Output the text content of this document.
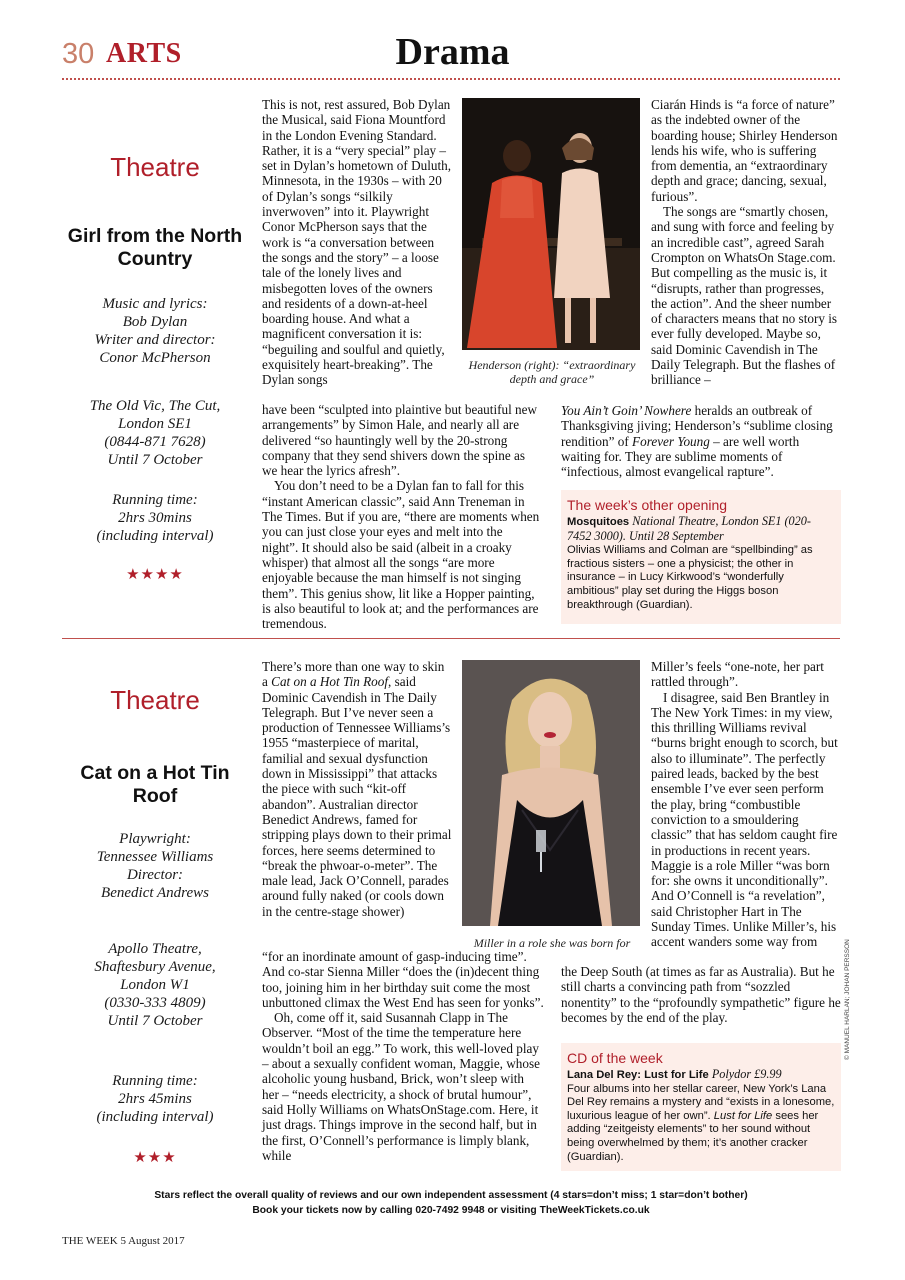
30 ARTS	Drama
Theatre
Girl from the North Country
Music and lyrics:
Bob Dylan
Writer and director:
Conor McPherson
The Old Vic, The Cut,
London SE1
(0844-871 7628)
Until 7 October
Running time:
2hrs 30mins
(including interval)
★★★★

This is not, rest assured, Bob Dylan the Musical, said Fiona Mountford in the London Evening Standard. Rather, it is a “very special” play – set in Dylan’s hometown of Duluth, Minnesota, in the 1930s – with 20 of Dylan’s songs “silkily inverwoven” into it. Playwright Conor McPherson says that the work is “a conversation between the songs and the story” – a loose tale of the lonely lives and misbegotten loves of the owners and residents of a down-at-heel boarding house. And what a magnificent conversation it is: “beguiling and soulful and quietly, exquisitely heart-breaking”. The Dylan songs

Henderson (right): “extraordinary depth and grace”

have been “sculpted into plaintive but beautiful new arrangements” by Simon Hale, and nearly all are delivered “so hauntingly well by the 20-strong company that they send shivers down the spine as we hear the lyrics afresh”.

You don’t need to be a Dylan fan to fall for this “instant American classic”, said Ann Treneman in The Times. But if you are, “there are moments when you can just close your eyes and melt into the night”. It should also be said (albeit in a croaky whisper) that almost all the songs “are more enjoyable because the man himself is not singing them”. This genius show, lit like a Hopper painting, is also beautiful to look at; and the performances are tremendous.

Ciarán Hinds is “a force of nature” as the indebted owner of the boarding house; Shirley Henderson lends his wife, who is suffering from dementia, an “extraordinary depth and grace; dancing, sexual, furious”.

The songs are “smartly chosen, and sung with force and feeling by an incredible cast”, agreed Sarah Crompton on WhatsOn Stage.com. But compelling as the music is, it “disrupts, rather than progresses, the action”. And the sheer number of characters means that no story is ever fully developed. Maybe so, said Dominic Cavendish in The Daily Telegraph. But the flashes of brilliance –

You Ain’t Goin’ Nowhere heralds an outbreak of Thanksgiving jiving; Henderson’s “sublime closing rendition” of Forever Young – are well worth waiting for. They are sublime moments of “infectious, almost evangelical rapture”.

The week’s other opening
Mosquitoes National Theatre, London SE1 (020-7452 3000). Until 28 September
Olivias Williams and Colman are “spellbinding” as fractious sisters – one a physicist; the other in insurance – in Lucy Kirkwood’s “wonderfully ambitious” play set during the Higgs boson breakthrough (Guardian).
Theatre
Cat on a Hot Tin Roof
Playwright:
Tennessee Williams
Director:
Benedict Andrews
Apollo Theatre,
Shaftesbury Avenue,
London W1
(0330-333 4809)
Until 7 October
Running time:
2hrs 45mins
(including interval)
★★★

There’s more than one way to skin a Cat on a Hot Tin Roof, said Dominic Cavendish in The Daily Telegraph. But I’ve never seen a production of Tennessee Williams’s 1955 “masterpiece of marital, familial and sexual dysfunction down in Mississippi” that attacks the piece with such “kit-off abandon”. Australian director Benedict Andrews, famed for stripping plays down to their primal forces, here seems determined to “break the phwoar-o-meter”. The male lead, Jack O’Connell, parades around fully naked (or cools down in the centre-stage shower)

Miller in a role she was born for

“for an inordinate amount of gasp-inducing time”. And co-star Sienna Miller “does the (in)decent thing too, joining him in her birthday suit come the most unbuttoned climax the West End has seen for yonks”.

Oh, come off it, said Susannah Clapp in The Observer. “Most of the time the temperature here wouldn’t boil an egg.” To work, this well-loved play – about a sexually confident woman, Maggie, whose alcoholic young husband, Brick, won’t sleep with her – “needs electricity, a shock of brutal humour”, said Holly Williams on WhatsOnStage.com. Here, it just drags. Things improve in the second half, but in the first, O’Connell’s performance is limply blank, while

Miller’s feels “one-note, her part rattled through”.

I disagree, said Ben Brantley in The New York Times: in my view, this thrilling Williams revival “burns bright enough to scorch, but also to illuminate”. The perfectly paired leads, backed by the best ensemble I’ve ever seen perform the play, bring “combustible conviction to a smouldering classic” that has seldom caught fire in productions in recent years. Maggie is a role Miller “was born for: she owns it unconditionally”. And O’Connell is “a revelation”, said Christopher Hart in The Sunday Times. Unlike Miller’s, his accent wanders some way from

the Deep South (at times as far as Australia). But he still charts a convincing path from “sozzled nonentity” to the “profoundly sympathetic” figure he becomes by the end of the play.

CD of the week
Lana Del Rey: Lust for Life Polydor £9.99
Four albums into her stellar career, New York’s Lana Del Rey remains a mystery and “exists in a lonesome, luxurious league of her own”. Lust for Life sees her adding “zeitgeisty elements” to her sound without being overwhelmed by them; it’s another cracker (Guardian).
© MANUEL HARLAN; JOHAN PERSSON
Stars reflect the overall quality of reviews and our own independent assessment (4 stars=don’t miss; 1 star=don’t bother)
Book your tickets now by calling 020-7492 9948 or visiting TheWeekTickets.co.uk
THE WEEK 5 August 2017
